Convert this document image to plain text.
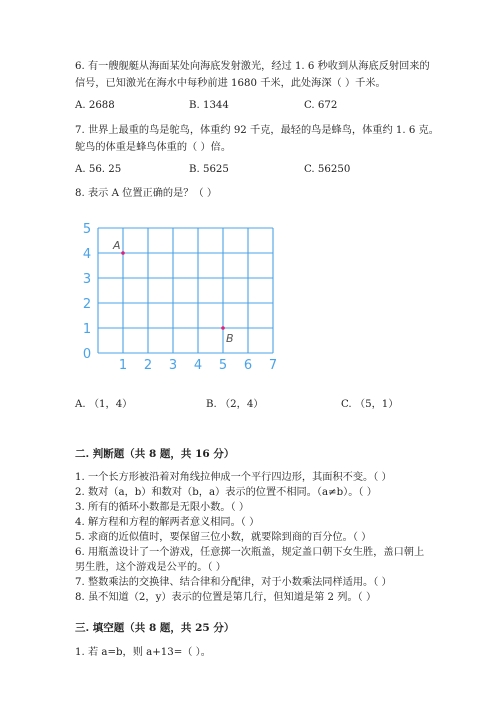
6. 有一艘舰艇从海面某处向海底发射激光，经过 1. 6 秒收到从海底反射回来的
信号，已知激光在海水中每秒前进 1680 千米，此处海深（ ）千米。
A. 2688	B. 1344	C. 672
7. 世界上最重的鸟是鸵鸟，体重约 92 千克，最轻的鸟是蜂鸟，体重约 1. 6 克。
鸵鸟的体重是蜂鸟体重的（ ）倍。
A. 56. 25	B. 5625	C. 56250
8. 表示 A 位置正确的是？（ ）
1 2 3 4 5 6 7
0
1
2
3
4
5
A
B
A. （1，4）	B. （2，4）	C. （5，1）
二. 判断题（共 8 题，共 16 分）
1. 一个长方形被沿着对角线拉伸成一个平行四边形，其面积不变。（ ）
2. 数对（a，b）和数对（b，a）表示的位置不相同。（a≠b）。（ ）
3. 所有的循环小数都是无限小数。（ ）
4. 解方程和方程的解两者意义相同。（ ）
5. 求商的近似值时，要保留三位小数，就要除到商的百分位。（ ）
6. 用瓶盖设计了一个游戏，任意掷一次瓶盖，规定盖口朝下女生胜，盖口朝上
男生胜，这个游戏是公平的。（ ）
7. 整数乘法的交换律、结合律和分配律，对于小数乘法同样适用。（ ）
8. 虽不知道（2，y）表示的位置是第几行，但知道是第 2 列。（ ）
三. 填空题（共 8 题，共 25 分）
1. 若 a=b，则 a+13=（ ）。
